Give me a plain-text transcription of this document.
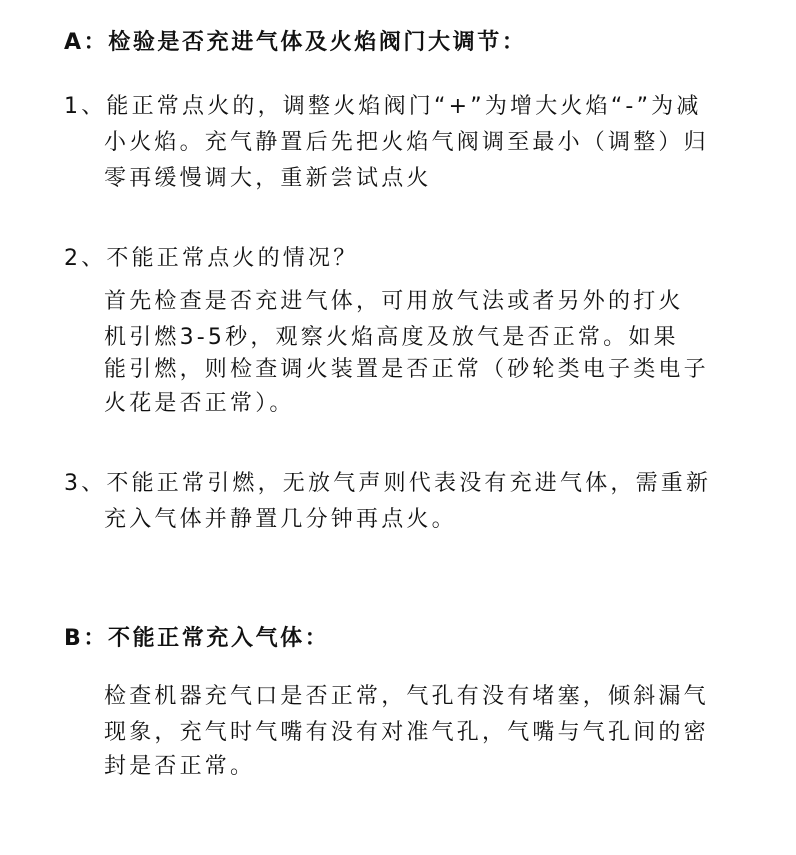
A：检验是否充进气体及火焰阀门大调节：
1、能正常点火的，调整火焰阀门“+”为增大火焰“-”为减
小火焰。充气静置后先把火焰气阀调至最小（调整）归
零再缓慢调大，重新尝试点火
2、不能正常点火的情况？
首先检查是否充进气体，可用放气法或者另外的打火
机引燃3-5秒，观察火焰高度及放气是否正常。如果
能引燃，则检查调火装置是否正常（砂轮类电子类电子
火花是否正常）。
3、不能正常引燃，无放气声则代表没有充进气体，需重新
充入气体并静置几分钟再点火。
B：不能正常充入气体：
检查机器充气口是否正常，气孔有没有堵塞，倾斜漏气
现象，充气时气嘴有没有对准气孔，气嘴与气孔间的密
封是否正常。
